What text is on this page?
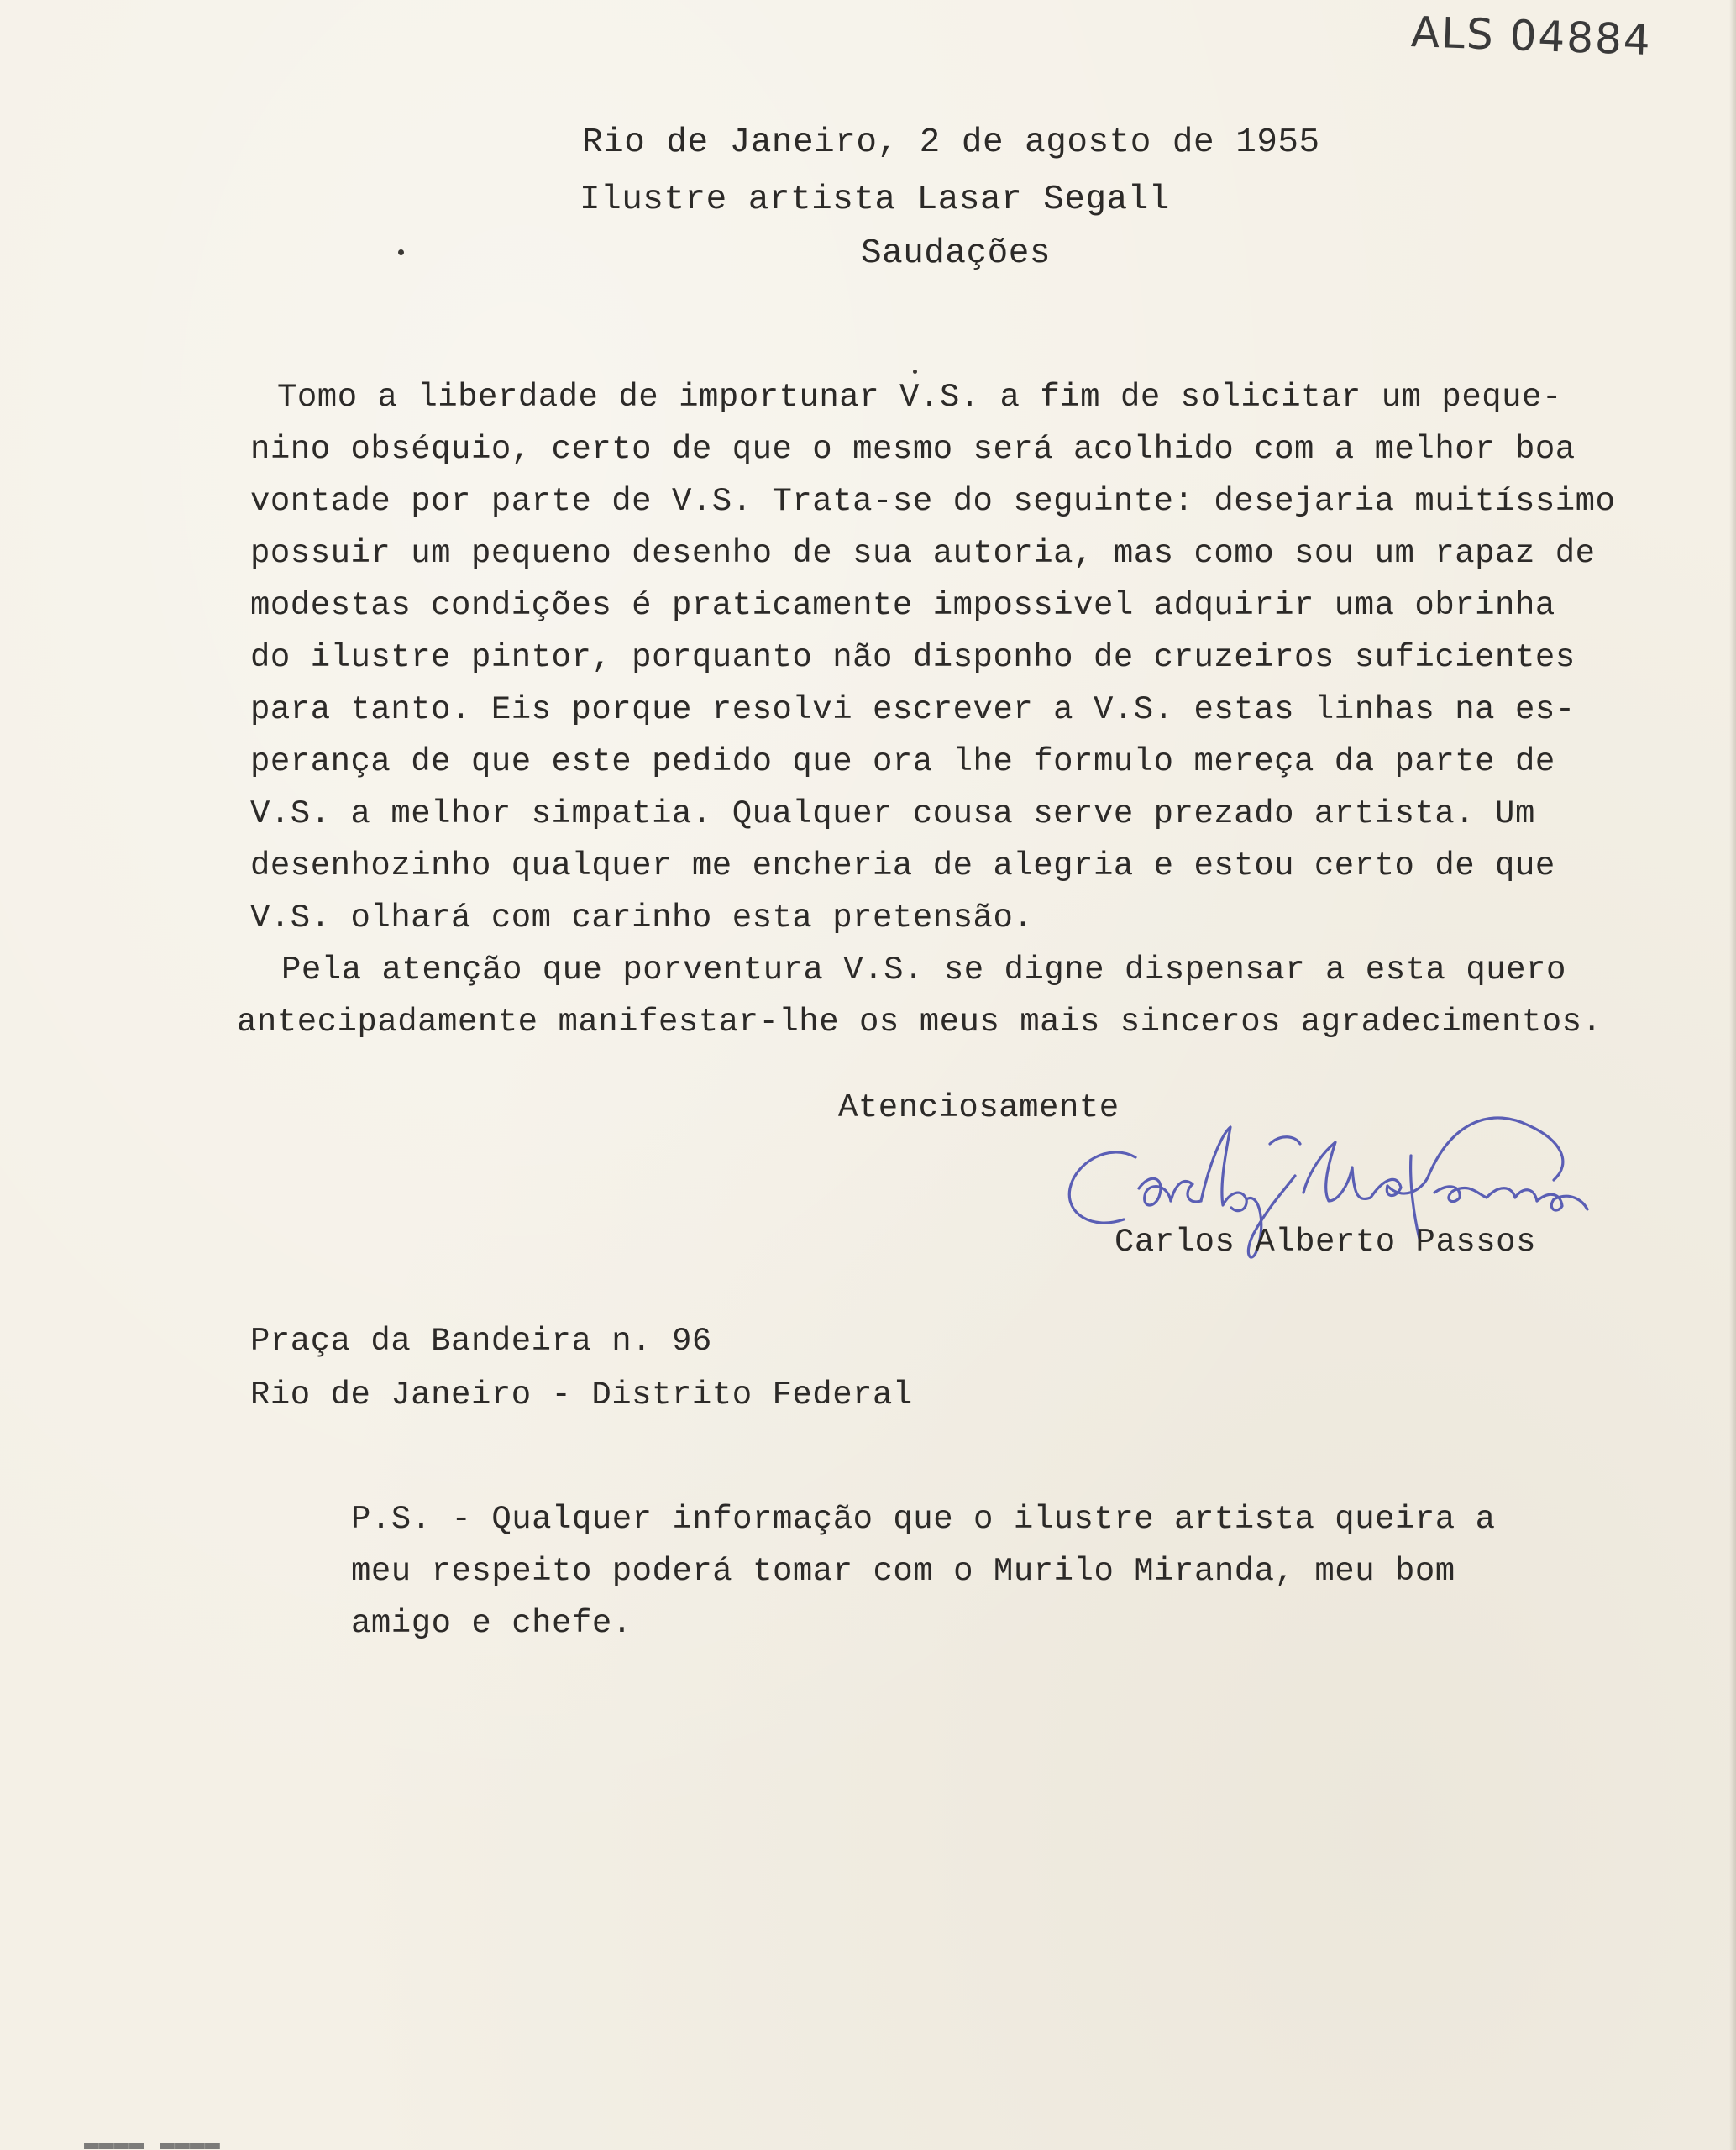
ALS 04884
Rio de Janeiro, 2 de agosto de 1955
Ilustre artista Lasar Segall
Saudações
Tomo a liberdade de importunar V.S. a fim de solicitar um peque-
nino obséquio, certo de que o mesmo será acolhido com a melhor boa
vontade por parte de V.S. Trata-se do seguinte: desejaria muitíssimo
possuir um pequeno desenho de sua autoria, mas como sou um rapaz de
modestas condições é praticamente impossivel adquirir uma obrinha
do ilustre pintor, porquanto não disponho de cruzeiros suficientes
para tanto. Eis porque resolvi escrever a V.S. estas linhas na es-
perança de que este pedido que ora lhe formulo mereça da parte de
V.S. a melhor simpatia. Qualquer cousa serve prezado artista. Um
desenhozinho qualquer me encheria de alegria e estou certo de que
V.S. olhará com carinho esta pretensão.
Pela atenção que porventura V.S. se digne dispensar a esta quero
antecipadamente manifestar-lhe os meus mais sinceros agradecimentos.
Atenciosamente
Carlos Alberto Passos
Praça da Bandeira n. 96
Rio de Janeiro - Distrito Federal
P.S. - Qualquer informação que o ilustre artista queira a
meu respeito poderá tomar com o Murilo Miranda, meu bom
amigo e chefe.
▬▬▬▬ ▬▬▬▬
